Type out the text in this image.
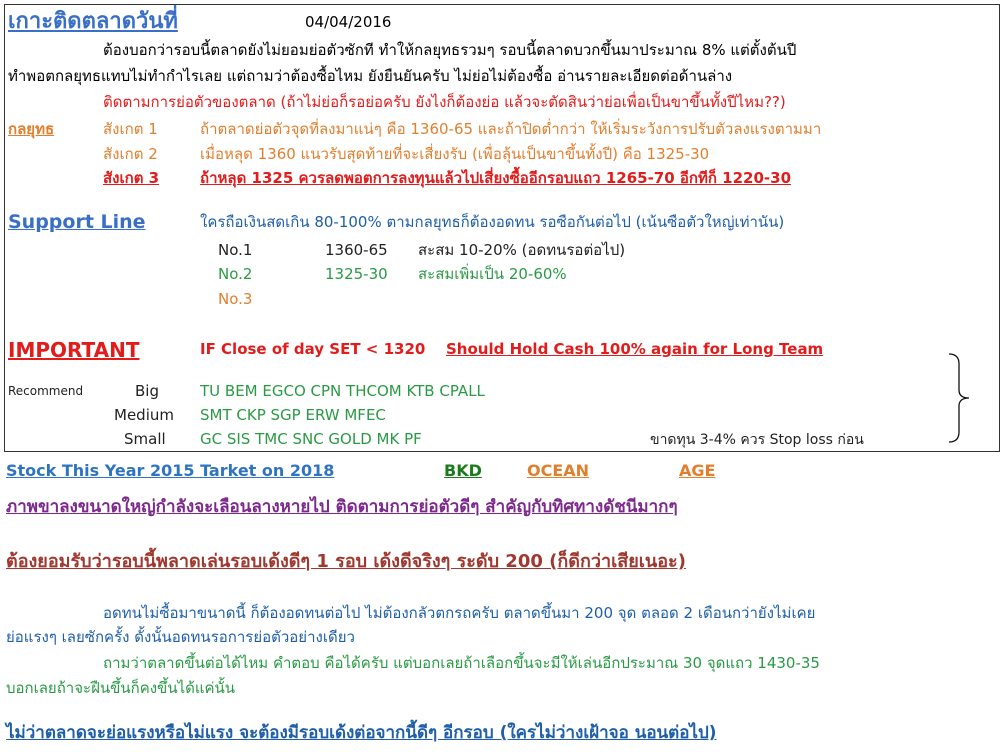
เกาะติดตลาดวันที่	04/04/2016
ต้องบอกว่ารอบนี้ตลาดยังไม่ยอมย่อตัวซักที ทำให้กลยุทธรวมๆ รอบนี้ตลาดบวกขึ้นมาประมาณ 8% แต่ตั้งต้นปี
ทำพอตกลยุทธแทบไม่ทำกำไรเลย แต่ถามว่าต้องซื้อไหม ยังยืนยันครับ ไม่ย่อไม่ต้องซื้อ อ่านรายละเอียดต่อด้านล่าง
ติดตามการย่อตัวของตลาด (ถ้าไม่ย่อก็รอย่อครับ ยังไงก็ต้องย่อ แล้วจะตัดสินว่าย่อเพื่อเป็นขาขึ้นทั้งปีไหม??)
กลยุทธ	สังเกต 1	ถ้าตลาดย่อตัวจุดที่ลงมาแน่ๆ คือ 1360-65 และถ้าปิดต่ำกว่า ให้เริ่มระวังการปรับตัวลงแรงตามมา
สังเกต 2	เมื่อหลุด 1360 แนวรับสุดท้ายที่จะเสี่ยงรับ (เพื่อลุ้นเป็นขาขึ้นทั้งปี) คือ 1325-30
สังเกต 3	ถ้าหลุด 1325 ควรลดพอตการลงทุนแล้วไปเสี่ยงซื้ออีกรอบแถว 1265-70 อีกทีก็ 1220-30
Support Line	ใครถือเงินสดเกิน 80-100% ตามกลยุทธก็ต้องอดทน รอซือกันต่อไป (เน้นซือตัวใหญ่เท่านัน)
No.1	1360-65 สะสม 10-20% (อดทนรอต่อไป)
No.2	1325-30 สะสมเพิ่มเป็น 20-60%
No.3
IMPORTANT	IF Close of day SET < 1320 Should Hold Cash 100% again for Long Team
Recommend	Big	TU BEM EGCO CPN THCOM KTB CPALL
Medium SMT CKP SGP ERW MFEC
Small GC SIS TMC SNC GOLD MK PF	ขาดทุน 3-4% ควร Stop loss ก่อน
Stock This Year 2015 Tarket on 2018	BKD	OCEAN	AGE
ภาพขาลงขนาดใหญ่กำลังจะเลือนลางหายไป ติดตามการย่อตัวดีๆ สำคัญกับทิศทางดัชนีมากๆ
ต้องยอมรับว่ารอบนี้พลาดเล่นรอบเด้งดีๆ 1 รอบ เด้งดีจริงๆ ระดับ 200 (ก็ดีกว่าเสียเนอะ)
อดทนไม่ซื้อมาขนาดนี้ ก็ต้องอดทนต่อไป ไม่ต้องกลัวตกรถครับ ตลาดขึ้นมา 200 จุด ตลอด 2 เดือนกว่ายังไม่เคย
ย่อแรงๆ เลยซักครั้ง ดั้งนั้นอดทนรอการย่อตัวอย่างเดียว
ถามว่าตลาดขึ้นต่อได้ไหม คำตอบ คือได้ครับ แต่บอกเลยถ้าเลือกขึ้นจะมีให้เล่นอีกประมาณ 30 จุดแถว 1430-35
บอกเลยถ้าจะฝืนขึ้นก็คงขึ้นได้แค่นั้น
ไม่ว่าตลาดจะย่อแรงหรือไม่แรง จะต้องมีรอบเด้งต่อจากนี้ดีๆ อีกรอบ (ใครไม่ว่างเฝ้าจอ นอนต่อไป)
